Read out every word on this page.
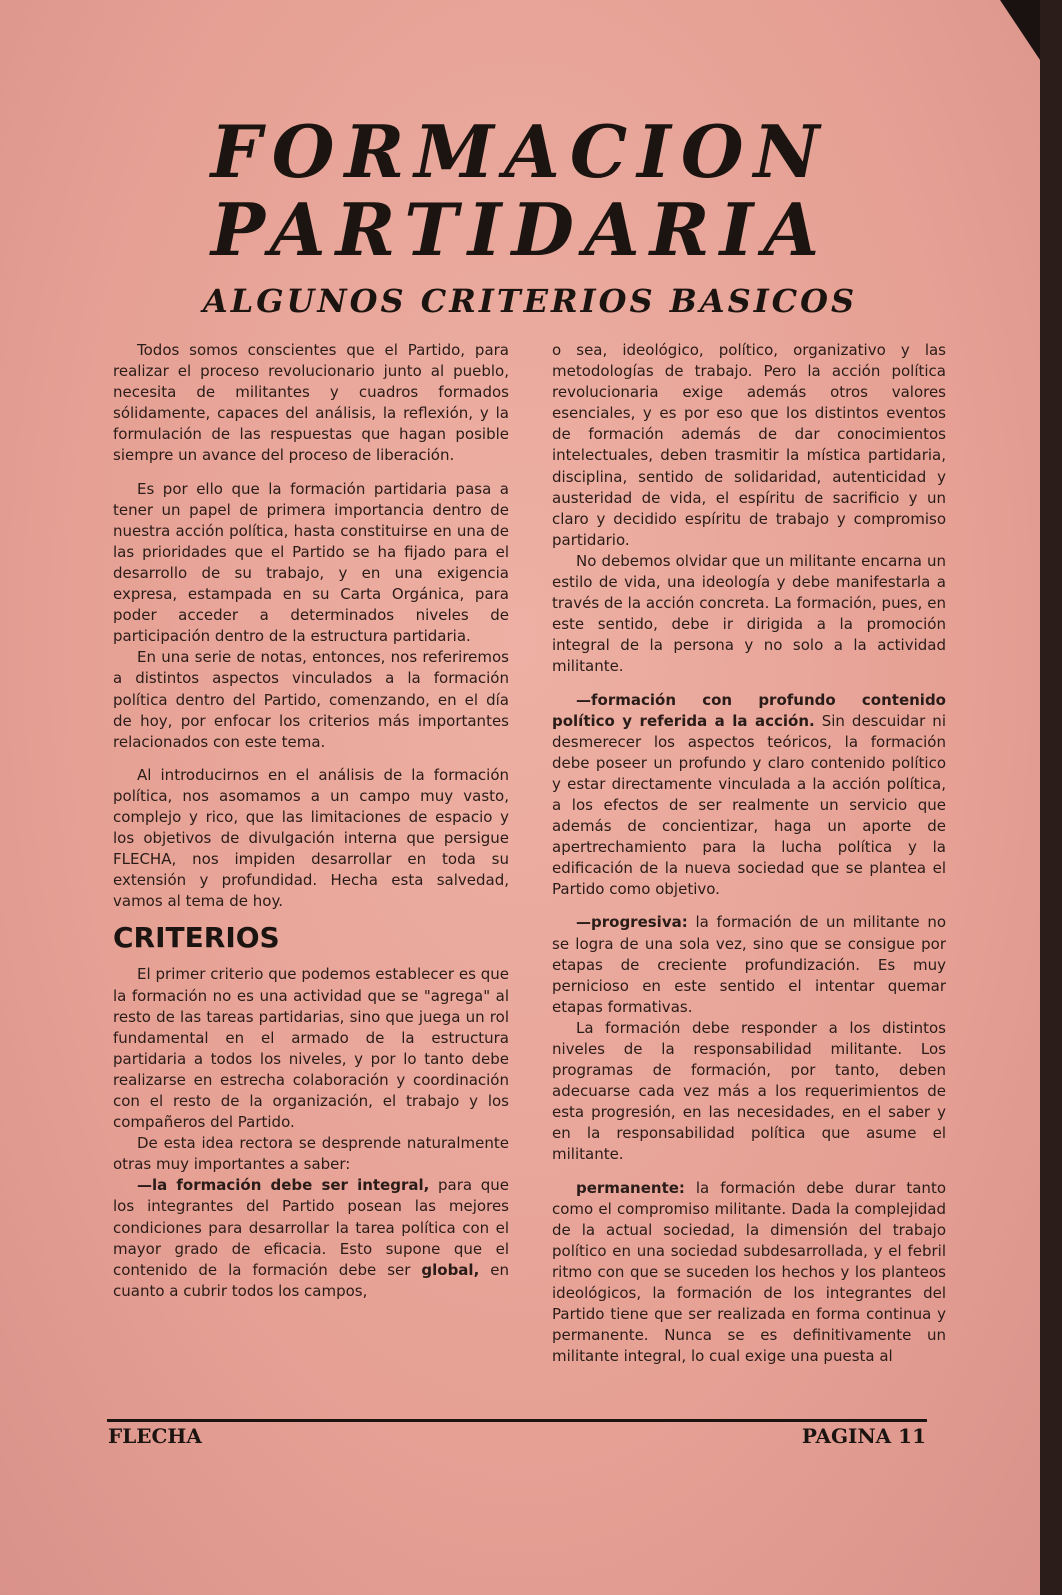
FORMACION
PARTIDARIA
ALGUNOS CRITERIOS BASICOS

Todos somos conscientes que el Partido, para realizar el proceso revolucionario junto al pueblo, necesita de militantes y cuadros formados sólidamente, capaces del análisis, la reflexión, y la formulación de las respuestas que hagan posible siempre un avance del proceso de liberación.

Es por ello que la formación partidaria pasa a tener un papel de primera importancia dentro de nuestra acción política, hasta constituirse en una de las prioridades que el Partido se ha fijado para el desarrollo de su trabajo, y en una exigencia expresa, estampada en su Carta Orgánica, para poder acceder a determinados niveles de participación dentro de la estructura partidaria.

En una serie de notas, entonces, nos referiremos a distintos aspectos vinculados a la formación política dentro del Partido, comenzando, en el día de hoy, por enfocar los criterios más importantes relacionados con este tema.

Al introducirnos en el análisis de la formación política, nos asomamos a un campo muy vasto, complejo y rico, que las limitaciones de espacio y los objetivos de divulgación interna que persigue FLECHA, nos impiden desarrollar en toda su extensión y profundidad. Hecha esta salvedad, vamos al tema de hoy.

CRITERIOS

El primer criterio que podemos establecer es que la formación no es una actividad que se "agrega" al resto de las tareas partidarias, sino que juega un rol fundamental en el armado de la estructura partidaria a todos los niveles, y por lo tanto debe realizarse en estrecha colaboración y coordinación con el resto de la organización, el trabajo y los compañeros del Partido.

De esta idea rectora se desprende naturalmente otras muy importantes a saber:

—la formación debe ser integral, para que los integrantes del Partido posean las mejores condiciones para desarrollar la tarea política con el mayor grado de eficacia. Esto supone que el contenido de la formación debe ser global, en cuanto a cubrir todos los campos,

o sea, ideológico, político, organizativo y las metodologías de trabajo. Pero la acción política revolucionaria exige además otros valores esenciales, y es por eso que los distintos eventos de formación además de dar conocimientos intelectuales, deben trasmitir la mística partidaria, disciplina, sentido de solidaridad, autenticidad y austeridad de vida, el espíritu de sacrificio y un claro y decidido espíritu de trabajo y compromiso partidario.

No debemos olvidar que un militante encarna un estilo de vida, una ideología y debe manifestarla a través de la acción concreta. La formación, pues, en este sentido, debe ir dirigida a la promoción integral de la persona y no solo a la actividad militante.

—formación con profundo contenido político y referida a la acción. Sin descuidar ni desmerecer los aspectos teóricos, la formación debe poseer un profundo y claro contenido político y estar directamente vinculada a la acción política, a los efectos de ser realmente un servicio que además de concientizar, haga un aporte de apertrechamiento para la lucha política y la edificación de la nueva sociedad que se plantea el Partido como objetivo.

—progresiva: la formación de un militante no se logra de una sola vez, sino que se consigue por etapas de creciente profundización. Es muy pernicioso en este sentido el intentar quemar etapas formativas.

La formación debe responder a los distintos niveles de la responsabilidad militante. Los programas de formación, por tanto, deben adecuarse cada vez más a los requerimientos de esta progresión, en las necesidades, en el saber y en la responsabilidad política que asume el militante.

permanente: la formación debe durar tanto como el compromiso militante. Dada la complejidad de la actual sociedad, la dimensión del trabajo político en una sociedad subdesarrollada, y el febril ritmo con que se suceden los hechos y los planteos ideológicos, la formación de los integrantes del Partido tiene que ser realizada en forma continua y permanente. Nunca se es definitivamente un militante integral, lo cual exige una puesta al

FLECHA	PAGINA 11
